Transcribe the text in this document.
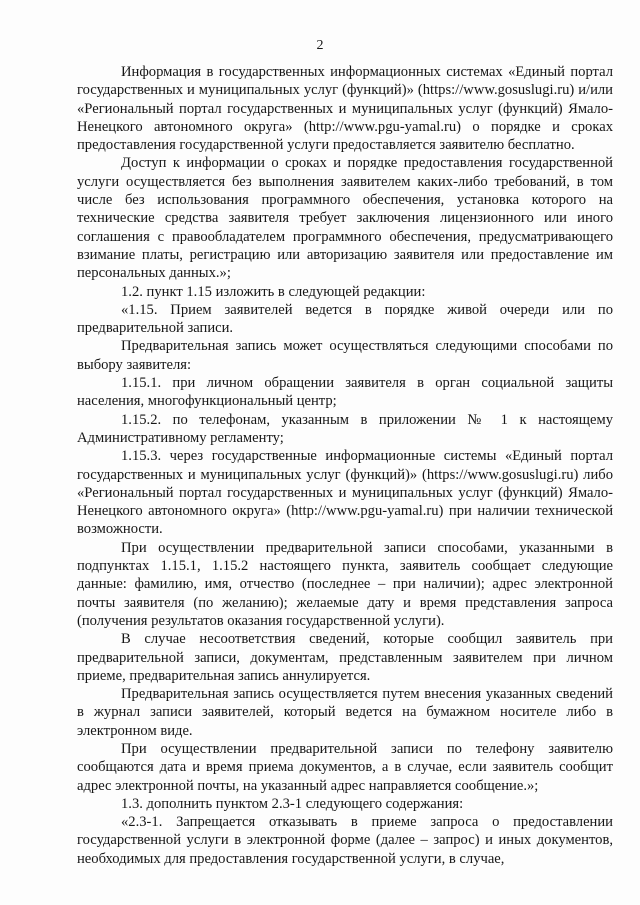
2

Информация в государственных информационных системах «Единый портал государственных и муниципальных услуг (функций)» (https://www.gosuslugi.ru) и/или «Региональный портал государственных и муниципальных услуг (функций) Ямало-Ненецкого автономного округа» (http://www.pgu-yamal.ru) о порядке и сроках предоставления государственной услуги предоставляется заявителю бесплатно.

Доступ к информации о сроках и порядке предоставления государственной услуги осуществляется без выполнения заявителем каких-либо требований, в том числе без использования программного обеспечения, установка которого на технические средства заявителя требует заключения лицензионного или иного соглашения с правообладателем программного обеспечения, предусматривающего взимание платы, регистрацию или авторизацию заявителя или предоставление им персональных данных.»;

1.2. пункт 1.15 изложить в следующей редакции:

«1.15. Прием заявителей ведется в порядке живой очереди или по предварительной записи.

Предварительная запись может осуществляться следующими способами по выбору заявителя:

1.15.1. при личном обращении заявителя в орган социальной защиты населения, многофункциональный центр;

1.15.2. по телефонам, указанным в приложении № 1 к настоящему Административному регламенту;

1.15.3. через государственные информационные системы «Единый портал государственных и муниципальных услуг (функций)» (https://www.gosuslugi.ru) либо «Региональный портал государственных и муниципальных услуг (функций) Ямало-Ненецкого автономного округа» (http://www.pgu-yamal.ru) при наличии технической возможности.

При осуществлении предварительной записи способами, указанными в подпунктах 1.15.1, 1.15.2 настоящего пункта, заявитель сообщает следующие данные: фамилию, имя, отчество (последнее – при наличии); адрес электронной почты заявителя (по желанию); желаемые дату и время представления запроса (получения результатов оказания государственной услуги).

В случае несоответствия сведений, которые сообщил заявитель при предварительной записи, документам, представленным заявителем при личном приеме, предварительная запись аннулируется.

Предварительная запись осуществляется путем внесения указанных сведений в журнал записи заявителей, который ведется на бумажном носителе либо в электронном виде.

При осуществлении предварительной записи по телефону заявителю сообщаются дата и время приема документов, а в случае, если заявитель сообщит адрес электронной почты, на указанный адрес направляется сообщение.»;

1.3. дополнить пунктом 2.3-1 следующего содержания:

«2.3-1. Запрещается отказывать в приеме запроса о предоставлении государственной услуги в электронной форме (далее – запрос) и иных документов, необходимых для предоставления государственной услуги, в случае,
